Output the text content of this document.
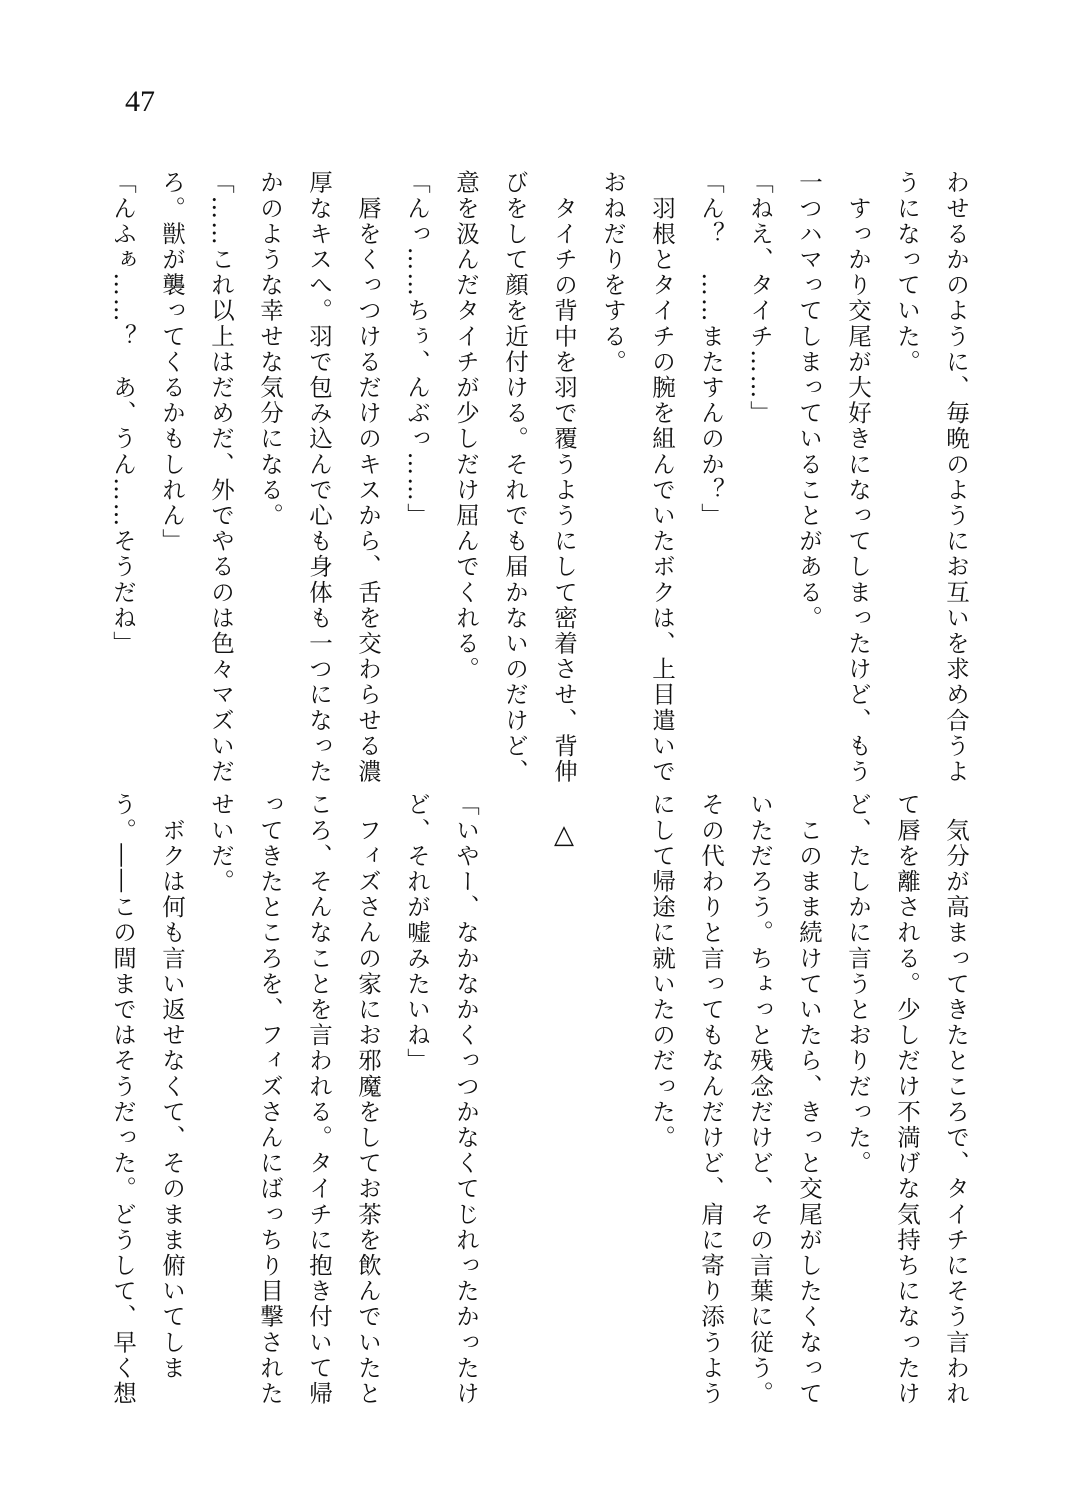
47
わせるかのように、毎晩のようにお互いを求め合うよ
うになっていた。
　すっかり交尾が大好きになってしまったけど、もう
一つハマってしまっていることがある。
「ねえ、タイチ……」
「ん？　……またすんのか？」
　羽根とタイチの腕を組んでいたボクは、上目遣いで
おねだりをする。
　タイチの背中を羽で覆うようにして密着させ、背伸
びをして顔を近付ける。それでも届かないのだけど、
意を汲んだタイチが少しだけ屈んでくれる。
「んっ……ちぅ、んぶっ……」
　唇をくっつけるだけのキスから、舌を交わらせる濃
厚なキスへ。羽で包み込んで心も身体も一つになった
かのような幸せな気分になる。
「……これ以上はだめだ、外でやるのは色々マズいだ
ろ。獣が襲ってくるかもしれん」
「んふぁ……？　あ、うん……そうだね」
　気分が高まってきたところで、タイチにそう言われ
て唇を離される。少しだけ不満げな気持ちになったけ
ど、たしかに言うとおりだった。
　このまま続けていたら、きっと交尾がしたくなって
いただろう。ちょっと残念だけど、その言葉に従う。
その代わりと言ってもなんだけど、肩に寄り添うよう
にして帰途に就いたのだった。
　△
「いやー、なかなかくっつかなくてじれったかったけ
ど、それが嘘みたいね」
　フィズさんの家にお邪魔をしてお茶を飲んでいたと
ころ、そんなことを言われる。タイチに抱き付いて帰
ってきたところを、フィズさんにばっちり目撃された
せいだ。
　ボクは何も言い返せなくて、そのまま俯いてしま
う。――この間まではそうだった。どうして、早く想
